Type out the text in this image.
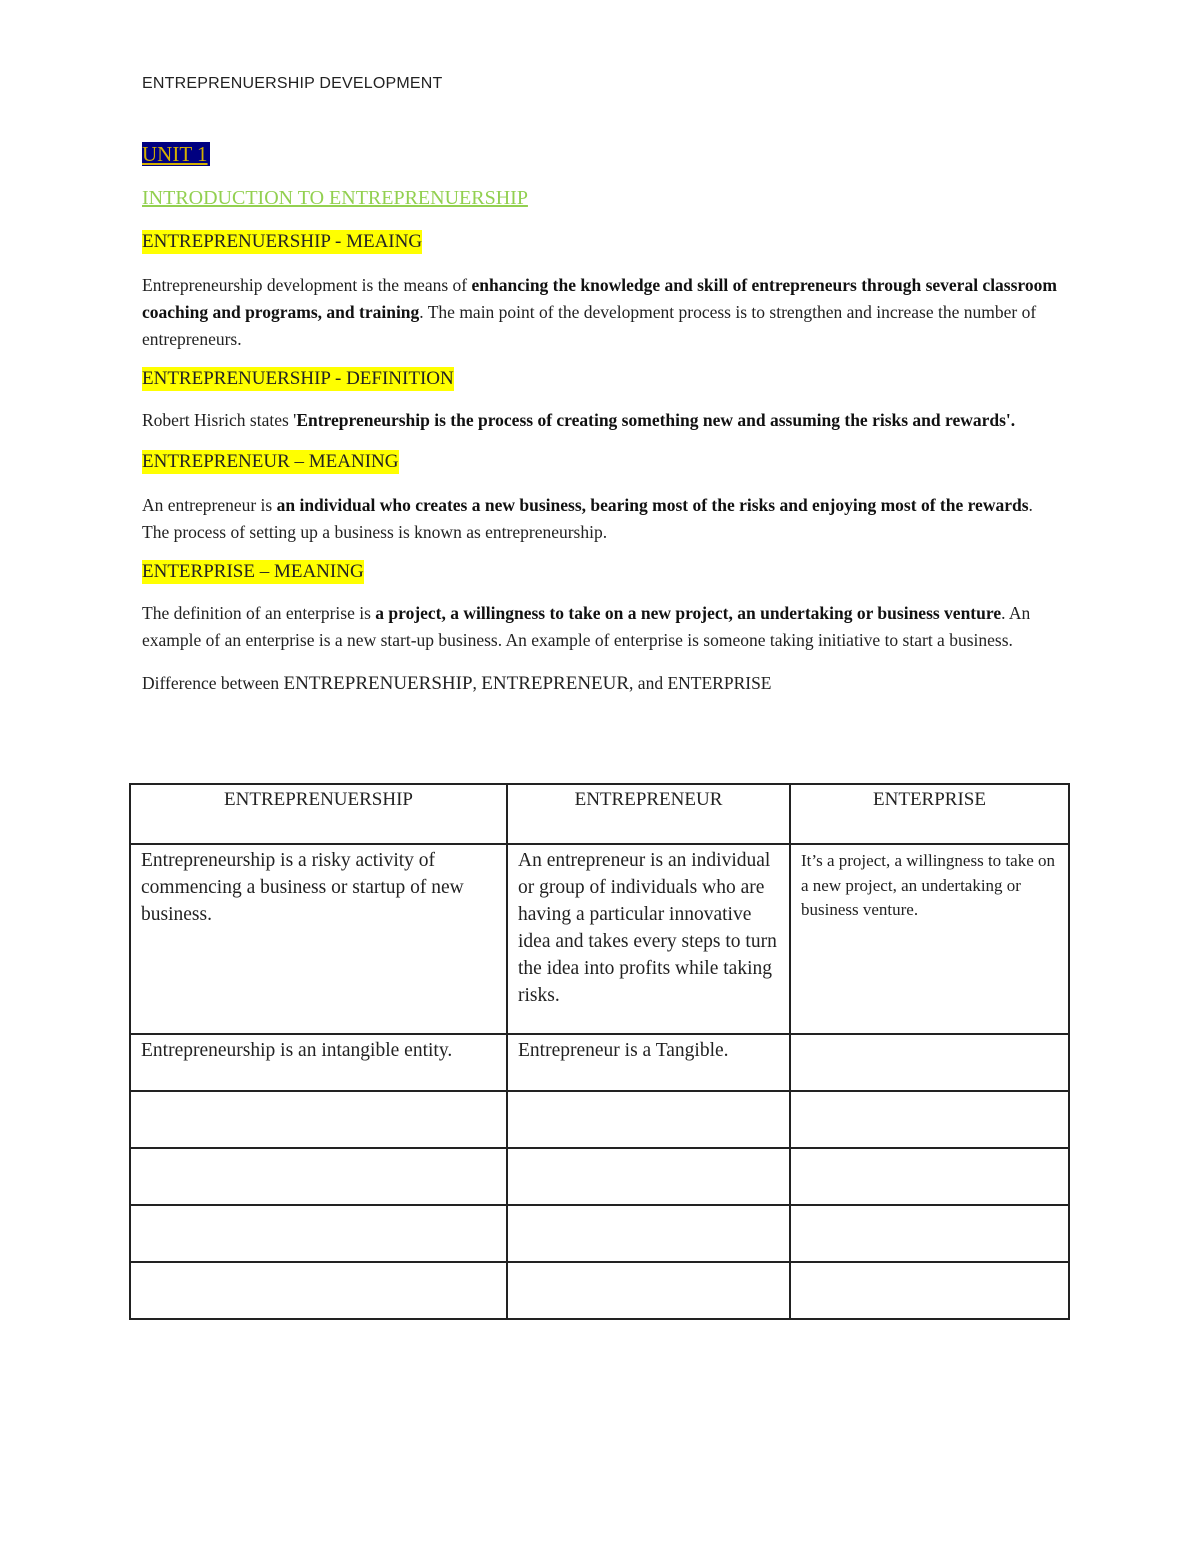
ENTREPRENUERSHIP DEVELOPMENT
UNIT 1
INTRODUCTION TO ENTREPRENUERSHIP
ENTREPRENUERSHIP - MEAING

Entrepreneurship development is the means of enhancing the knowledge and skill of entrepreneurs through several classroom coaching and programs, and training. The main point of the development process is to strengthen and increase the number of entrepreneurs.

ENTREPRENUERSHIP - DEFINITION

Robert Hisrich states 'Entrepreneurship is the process of creating something new and assuming the risks and rewards'.

ENTREPRENEUR – MEANING

An entrepreneur is an individual who creates a new business, bearing most of the risks and enjoying most of the rewards. The process of setting up a business is known as entrepreneurship.

ENTERPRISE – MEANING

The definition of an enterprise is a project, a willingness to take on a new project, an undertaking or business venture. An example of an enterprise is a new start-up business. An example of enterprise is someone taking initiative to start a business.

Difference between ENTREPRENUERSHIP, ENTREPRENEUR, and ENTERPRISE
ENTREPRENUERSHIP	ENTREPRENEUR	ENTERPRISE

Entrepreneurship is a risky activity of commencing a business or startup of new business.	An entrepreneur is an individual or group of individuals who are having a particular innovative idea and takes every steps to turn the idea into profits while taking risks.	It’s a project, a willingness to take on a new project, an undertaking or business venture.

Entrepreneurship is an intangible entity.	Entrepreneur is a Tangible.	
